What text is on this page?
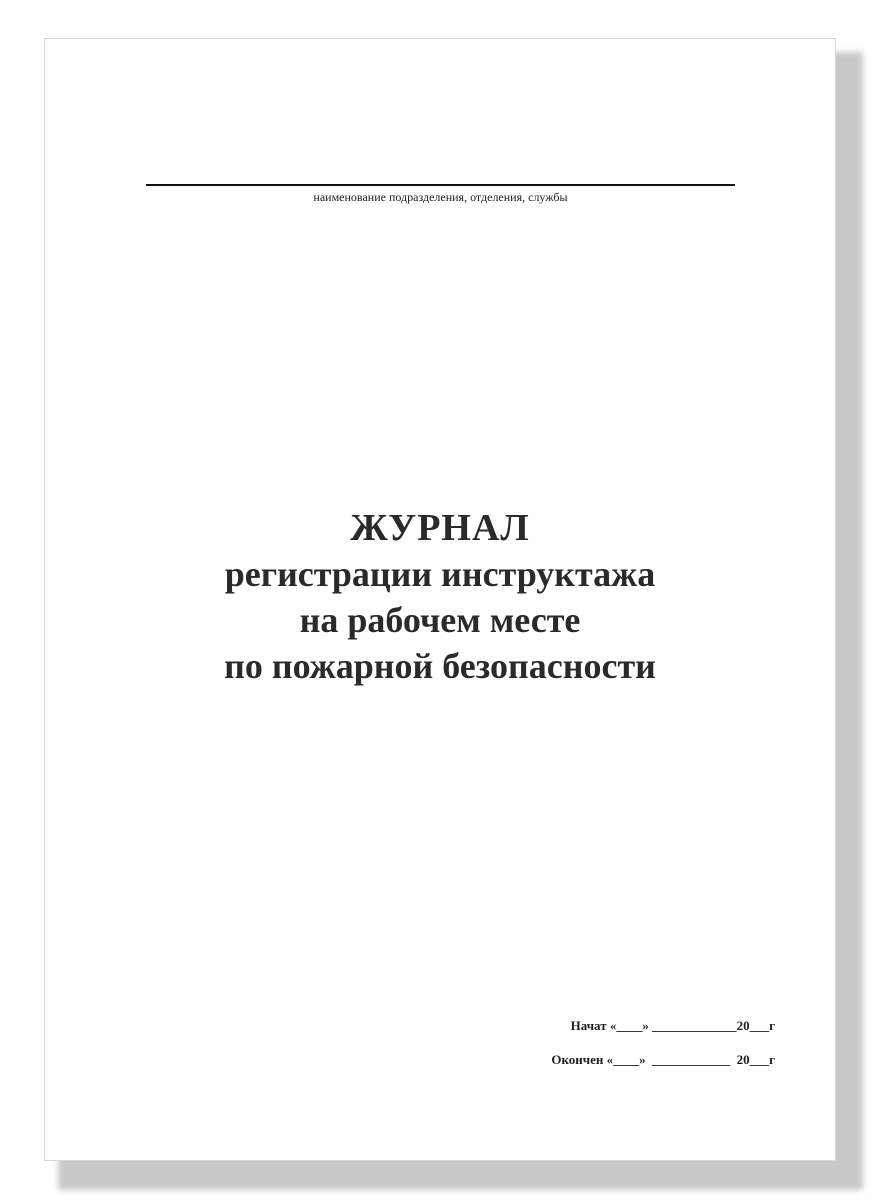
наименование подразделения, отделения, службы
ЖУРНАЛ
регистрации инструктажа
на рабочем месте
по пожарной безопасности
Начат «____» _____________20___г
Окончен «____»  ____________  20___г
